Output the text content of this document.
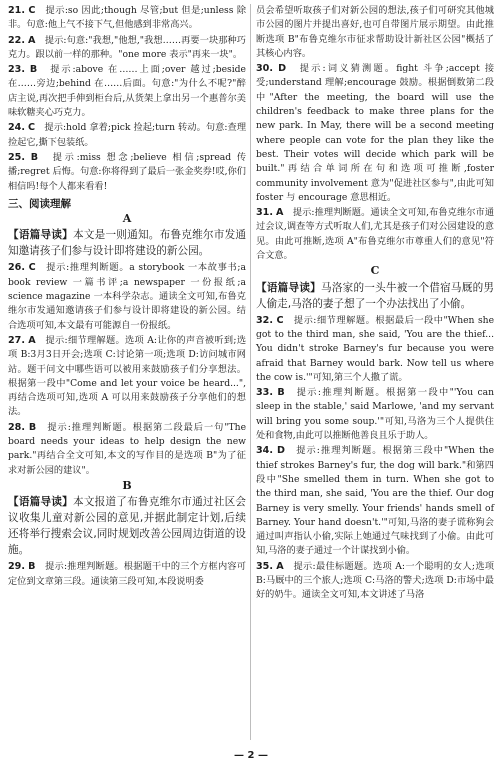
21. C　 提示:so 因此;though 尽管;but 但是;unless 除非。句意:他上气不接下气,但他感到非常高兴。
22. A　 提示:句意:"我想,"他想,"我想……再要一块那种巧克力。跟以前一样的那种。"one more 表示"再来一块"。
23. B　 提示:above 在……上面;over 越过;beside 在……旁边;behind 在……后面。句意:"为什么不呢?"醉店主说,再次把手伸到柜台后,从货架上拿出另一个惠普尔美味软糖夹心巧克力。
24. C　 提示:hold 拿着;pick 捡起;turn 转动。句意:查理捡起它,撕下包装纸。
25. B　 提示:miss 想念;believe 相信;spread 传播;regret 后悔。句意:你将得到了最后一张金奖券!哎,你们相信吗!每个人都来看看!
三、阅读理解
A
【语篇导读】本文是一则通知。布鲁克维尔市发通知邀请孩子们参与设计即将建设的新公园。
26. C　 提示:推理判断题。a storybook 一本故事书;a book review 一篇书评;a newspaper 一份报纸;a science magazine 一本科学杂志。通读全文可知,布鲁克维尔市发通知邀请孩子们参与设计即将建设的新公园。结合选项可知,本文最有可能源自一份报纸。
27. A　 提示:细节理解题。选项 A:让你的声音被听到;选项 B:3月3日开会;选项 C:讨论第一项;选项 D:访问城市网站。题干问文中哪些语可以被用来鼓励孩子们分享想法。根据第一段中"Come and let your voice be heard...",再结合选项可知,选项 A 可以用来鼓励孩子分享他们的想法。
28. B　 提示:推理判断题。根据第二段最后一句"The board needs your ideas to help design the new park."再结合全文可知,本文的写作目的是选项 B"为了征求对新公园的建议"。
B
【语篇导读】本文报道了布鲁克维尔市通过社区会议收集儿童对新公园的意见,并据此制定计划,后续还将举行搜索会议,同时规划改善公园周边街道的设施。
29. B　 提示:推理判断题。根据题干中的三个方框内容可定位到文章第三段。通读第三段可知,本段说明委
员会希望听取孩子们对新公园的想法,孩子们可研究其他城市公园的图片并提出喜好,也可自带图片展示期望。由此推断选项 B"布鲁克维尔市征求帮助设计新社区公园"概括了其核心内容。
30. D　 提示:词义猜测题。fight 斗争;accept 接受;understand 理解;encourage 鼓励。根据倒数第二段中"After the meeting, the board will use the children's feedback to make three plans for the new park. In May, there will be a second meeting where people can vote for the plan they like the best. Their votes will decide which park will be built."再结合单词所在句和选项可推断,foster community involvement 意为"促进社区参与",由此可知 foster 与 encourage 意思相近。
31. A　 提示:推理判断题。通读全文可知,布鲁克维尔市通过会议,调查等方式听取人们,尤其是孩子们对公园建设的意见。由此可推断,选项 A"布鲁克维尔市尊重人们的意见"符合文意。
C
【语篇导读】马洛家的一头牛被一个借宿马厩的男人偷走,马洛的妻子想了一个办法找出了小偷。
32. C　 提示:细节理解题。根据最后一段中"When she got to the third man, she said, 'You are the thief... You didn't stroke Barney's fur because you were afraid that Barney would bark. Now tell us where the cow is.'"可知,第三个人撒了谎。
33. B　 提示:推理判断题。根据第一段中"'You can sleep in the stable,' said Marlowe, 'and my servant will bring you some soup.'"可知,马洛为三个人提供住处和食物,由此可以推断他善良且乐于助人。
34. D　 提示:推理判断题。根据第三段中"When the thief strokes Barney's fur, the dog will bark."和第四段中"She smelled them in turn. When she got to the third man, she said, 'You are the thief. Our dog Barney is very smelly. Your friends' hands smell of Barney. Your hand doesn't.'"可知,马洛的妻子谎称狗会通过叫声指认小偷,实际上她通过气味找到了小偷。由此可知,马洛的妻子通过一个计谋找到小偷。
35. A　 提示:最佳标题题。选项 A:一个聪明的女人;选项 B:马厩中的三个旅人;选项 C:马洛的警犬;选项 D:市场中最好的奶牛。通读全文可知,本文讲述了马洛
— 2 —
